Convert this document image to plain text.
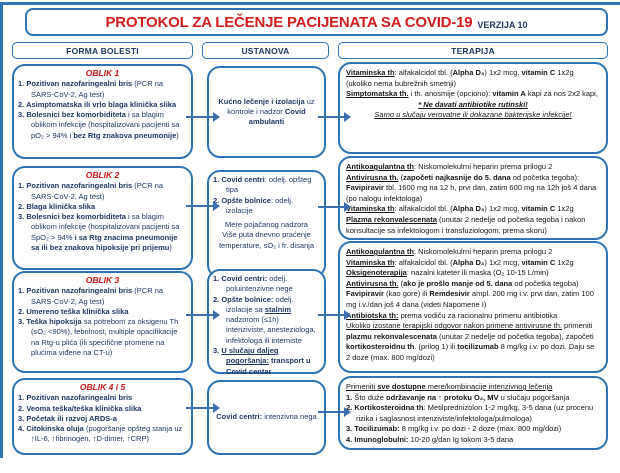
PROTOKOL ZA LEČENJE PACIJENATA SA COVID-19 VERZIJA 10
FORMA BOLESTI	USTANOVA	TERAPIJA
OBLIK 1
Pozitivan nazofaringealni bris (PCR na SARS-CoV-2, Ag test)
Asimptomatska ili vrlo blaga klinička slika
Bolesnici bez komorbiditeta i sa blagim oblikom infekcije (hospitalizovani pacijenti sa pO₂ > 94% i bez Rtg znakova pneumonije)
Kućno lečenje i izolacija uz kontrole i nadzor Covid ambulanti
Vitaminska th: alfakalcidol tbl. (Alpha D₃) 1x2 mcg, vitamin C 1x2g (ukoliko nema bubrežnih smetnji)
Simptomatska th. i th. anosmije (opciono): vitamin A kapi za nos 2x2 kapi,
* Ne davati antibiotike rutinski!
Samo u slučaju verovatne ili dokazane bakterijske infekcije!
OBLIK 2
Pozitivan nazofaringealni bris (PCR na SARS-CoV-2, Ag test)
Blaga klinička slika
Bolesnici bez komorbiditeta i sa blagim oblikom infekcije (hospitalizovani pacijenti sa SpO₂ > 94% i sa Rtg znacima pneumonije sa ili bez znakova hipoksije pri prijemu)
Covid centri: odelj. opšteg tipa
Opšte bolnice: odelj. izolacije
Mere pojačanog nadzora
Više puta dnevno praćenje temperature, sO₂ i fr. disanja
Antikoagulantna th: Niskomolekulrni heparin prema prilogu 2
Antivirusna th. (započeti najkasnije do 5. dana od početka tegoba): Favipiravir tbl. 1600 mg na 12 h, prvi dan, zatim 600 mg na 12h još 4 dana (po nalogu infektologa)
Vitaminska th: alfakalcidol tbl. (Alpha D₃) 1x2 mcg, vitamin C 1x2g
Plazma rekonvalescenata (unutar 2 nedelje od početka tegoba i nakon konsultacije sa infektologom i transfuziologom, prema skoru)
OBLIK 3
Pozitivan nazofaringealni bris (PCR na SARS-CoV-2, Ag test)
Umereno teška klinička slika
Teška hipoksija sa potrebom za oksigenu Th (sO₂ <90%), febrilnost, multiple opacifikacije na Rtg-u plića (ili specifične promene na plućima viđene na CT-u)
Covid centri: odelj. poluintenzivne nege
Opšte bolnice: odelj. izolacije sa stalnim nadzorom (≤1h) intenziviste, anesteziologa, infektologa ili interniste
U slučaju daljeg pogoršanja: transport u Covid centar
Antikoagulantna th: Niskomolekulrni heparin prema prilogu 2
Vitaminska th: alfakalcidol tbl. (Alpha D₃) 1x2 mcg, vitamin C 1x2g
Oksigenoterapija: nazalni kateter ili maska (O₂ 10-15 L/min)
Antivirusna th. (ako je prošlo manje od 5. dana od početka tegoba) Favipiravir (kao gore) ili Remdesivir ampl. 200 mg i.v. prvi dan, zatim 100 mg i.v./dan još 4 dana (videti Napomene I)
Antibiotska th: prema vodiču za racionalnu primenu antibiotika
Ukoliko izostane terapijski odgovor nakon primene antivirusne th. primeniti plazmu rekonvalescenata (unutar 2 nedelje od početka tegoba), započeti kortikosteroidnu th. (prilog 1) ili tocilizumab 8 mg/kg i.v. po dozi. Daju se 2 doze (max. 800 mg/dozi)
OBLIK 4 i 5
Pozitivan nazofaringealni bris
Veoma teška/teška klinička slika
Početak ili razvoj ARDS-a
Citokinska oluja (pogoršanje opšteg stanja uz ↑IL-6, ↑fibrinogen, ↑D-dimer, ↑CRP)
Covid centri: intenzivna nega
Primeniti sve dostupne mere/kombinacije intenzivnog lečenja
1. Što duže održavanje na ↑ protoku O₂, MV u slučaju pogoršanja
2. Kortikosteroidna th: Metilprednizolon 1-2 mg/kg, 3-5 dana (uz procenu rizika i saglasnost intenziviste/infektologa/pulmologa)
3. Tocilizumab: 8 mg/kg i.v. po dozi - 2 doze (max. 800 mg/dozi)
4. Imunoglobulni: 10-20 g/dan Ig tokom 3-5 dana
